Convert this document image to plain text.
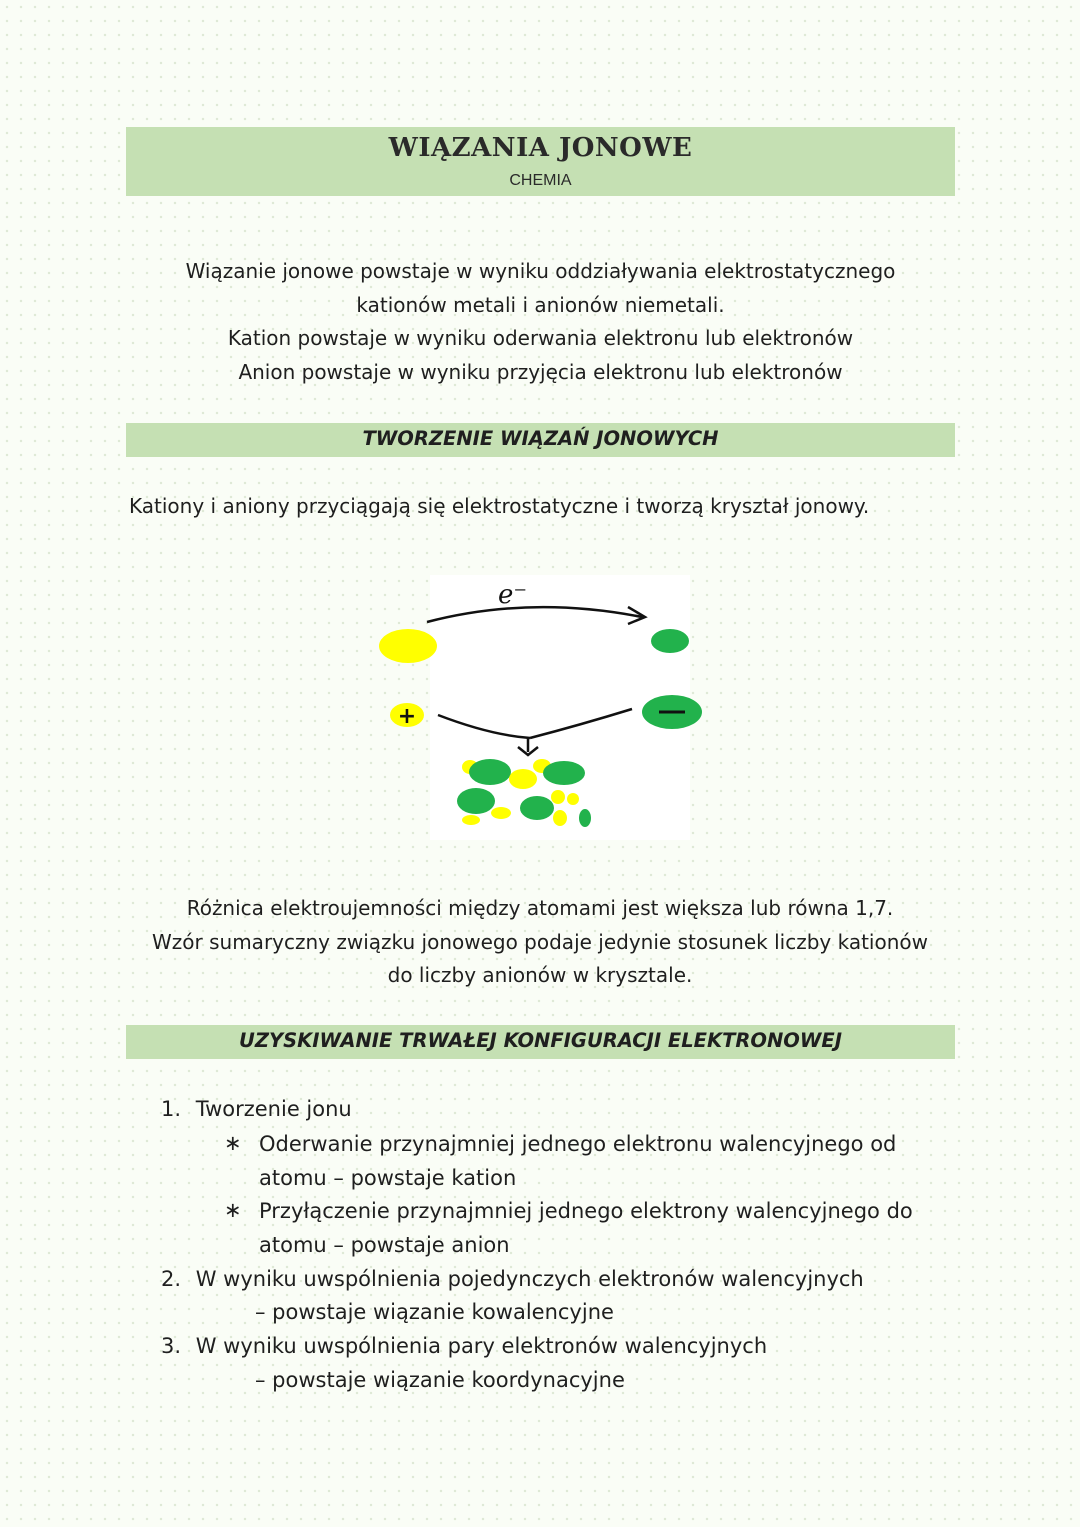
WIĄZANIA JONOWE
CHEMIA
Wiązanie jonowe powstaje w wyniku oddziaływania elektrostatycznego
kationów metali i anionów niemetali.
Kation powstaje w wyniku oderwania elektronu lub elektronów
Anion powstaje w wyniku przyjęcia elektronu lub elektronów
TWORZENIE WIĄZAŃ JONOWYCH
Kationy i aniony przyciągają się elektrostatyczne i tworzą kryształ jonowy.
e⁻
+
Różnica elektroujemności między atomami jest większa lub równa 1,7.
Wzór sumaryczny związku jonowego podaje jedynie stosunek liczby kationów
do liczby anionów w krysztale.
UZYSKIWANIE TRWAŁEJ KONFIGURACJI ELEKTRONOWEJ
1. Tworzenie jonu
∗ Oderwanie przynajmniej jednego elektronu walencyjnego od
atomu – powstaje kation
∗ Przyłączenie przynajmniej jednego elektrony walencyjnego do
atomu – powstaje anion
2. W wyniku uwspólnienia pojedynczych elektronów walencyjnych
– powstaje wiązanie kowalencyjne
3. W wyniku uwspólnienia pary elektronów walencyjnych
– powstaje wiązanie koordynacyjne
